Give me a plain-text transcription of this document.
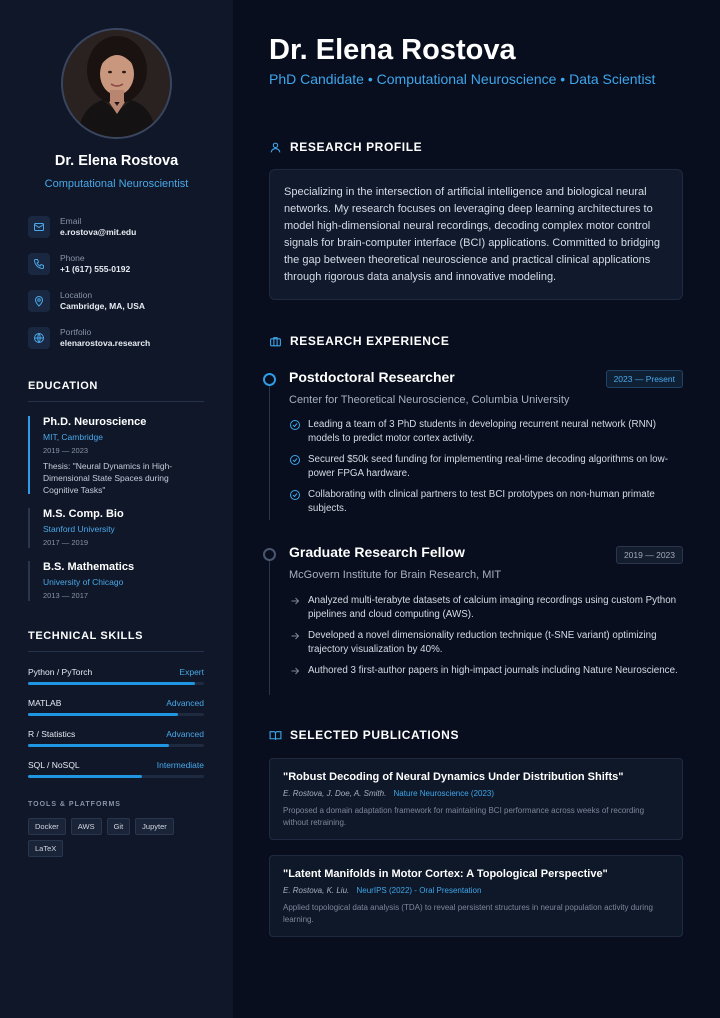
Dr. Elena Rostova
Computational Neuroscientist
Email
e.rostova@mit.edu
Phone
+1 (617) 555-0192
Location
Cambridge, MA, USA
Portfolio
elenarostova.research
EDUCATION
Ph.D. Neuroscience
MIT, Cambridge
2019 — 2023
Thesis: "Neural Dynamics in High-Dimensional State Spaces during Cognitive Tasks"
M.S. Comp. Bio
Stanford University
2017 — 2019
B.S. Mathematics
University of Chicago
2013 — 2017
TECHNICAL SKILLS
Python / PyTorch	Expert
MATLAB	Advanced
R / Statistics	Advanced
SQL / NoSQL	Intermediate
TOOLS & PLATFORMS
Docker	AWS	Git	Jupyter
LaTeX
Dr. Elena Rostova
PhD Candidate • Computational Neuroscience • Data Scientist
RESEARCH PROFILE
Specializing in the intersection of artificial intelligence and biological neural networks. My research focuses on leveraging deep learning architectures to model high-dimensional neural recordings, decoding complex motor control signals for brain-computer interface (BCI) applications. Committed to bridging the gap between theoretical neuroscience and practical clinical applications through rigorous data analysis and innovative modeling.
RESEARCH EXPERIENCE
Postdoctoral Researcher	2023 — Present
Center for Theoretical Neuroscience, Columbia University
Leading a team of 3 PhD students in developing recurrent neural network (RNN) models to predict motor cortex activity.
Secured $50k seed funding for implementing real-time decoding algorithms on low-power FPGA hardware.
Collaborating with clinical partners to test BCI prototypes on non-human primate subjects.
Graduate Research Fellow	2019 — 2023
McGovern Institute for Brain Research, MIT
Analyzed multi-terabyte datasets of calcium imaging recordings using custom Python pipelines and cloud computing (AWS).
Developed a novel dimensionality reduction technique (t-SNE variant) optimizing trajectory visualization by 40%.
Authored 3 first-author papers in high-impact journals including Nature Neuroscience.
SELECTED PUBLICATIONS
"Robust Decoding of Neural Dynamics Under Distribution Shifts"
E. Rostova, J. Doe, A. Smith. Nature Neuroscience (2023)
Proposed a domain adaptation framework for maintaining BCI performance across weeks of recording without retraining.
"Latent Manifolds in Motor Cortex: A Topological Perspective"
E. Rostova, K. Liu. NeurIPS (2022) - Oral Presentation
Applied topological data analysis (TDA) to reveal persistent structures in neural population activity during learning.
